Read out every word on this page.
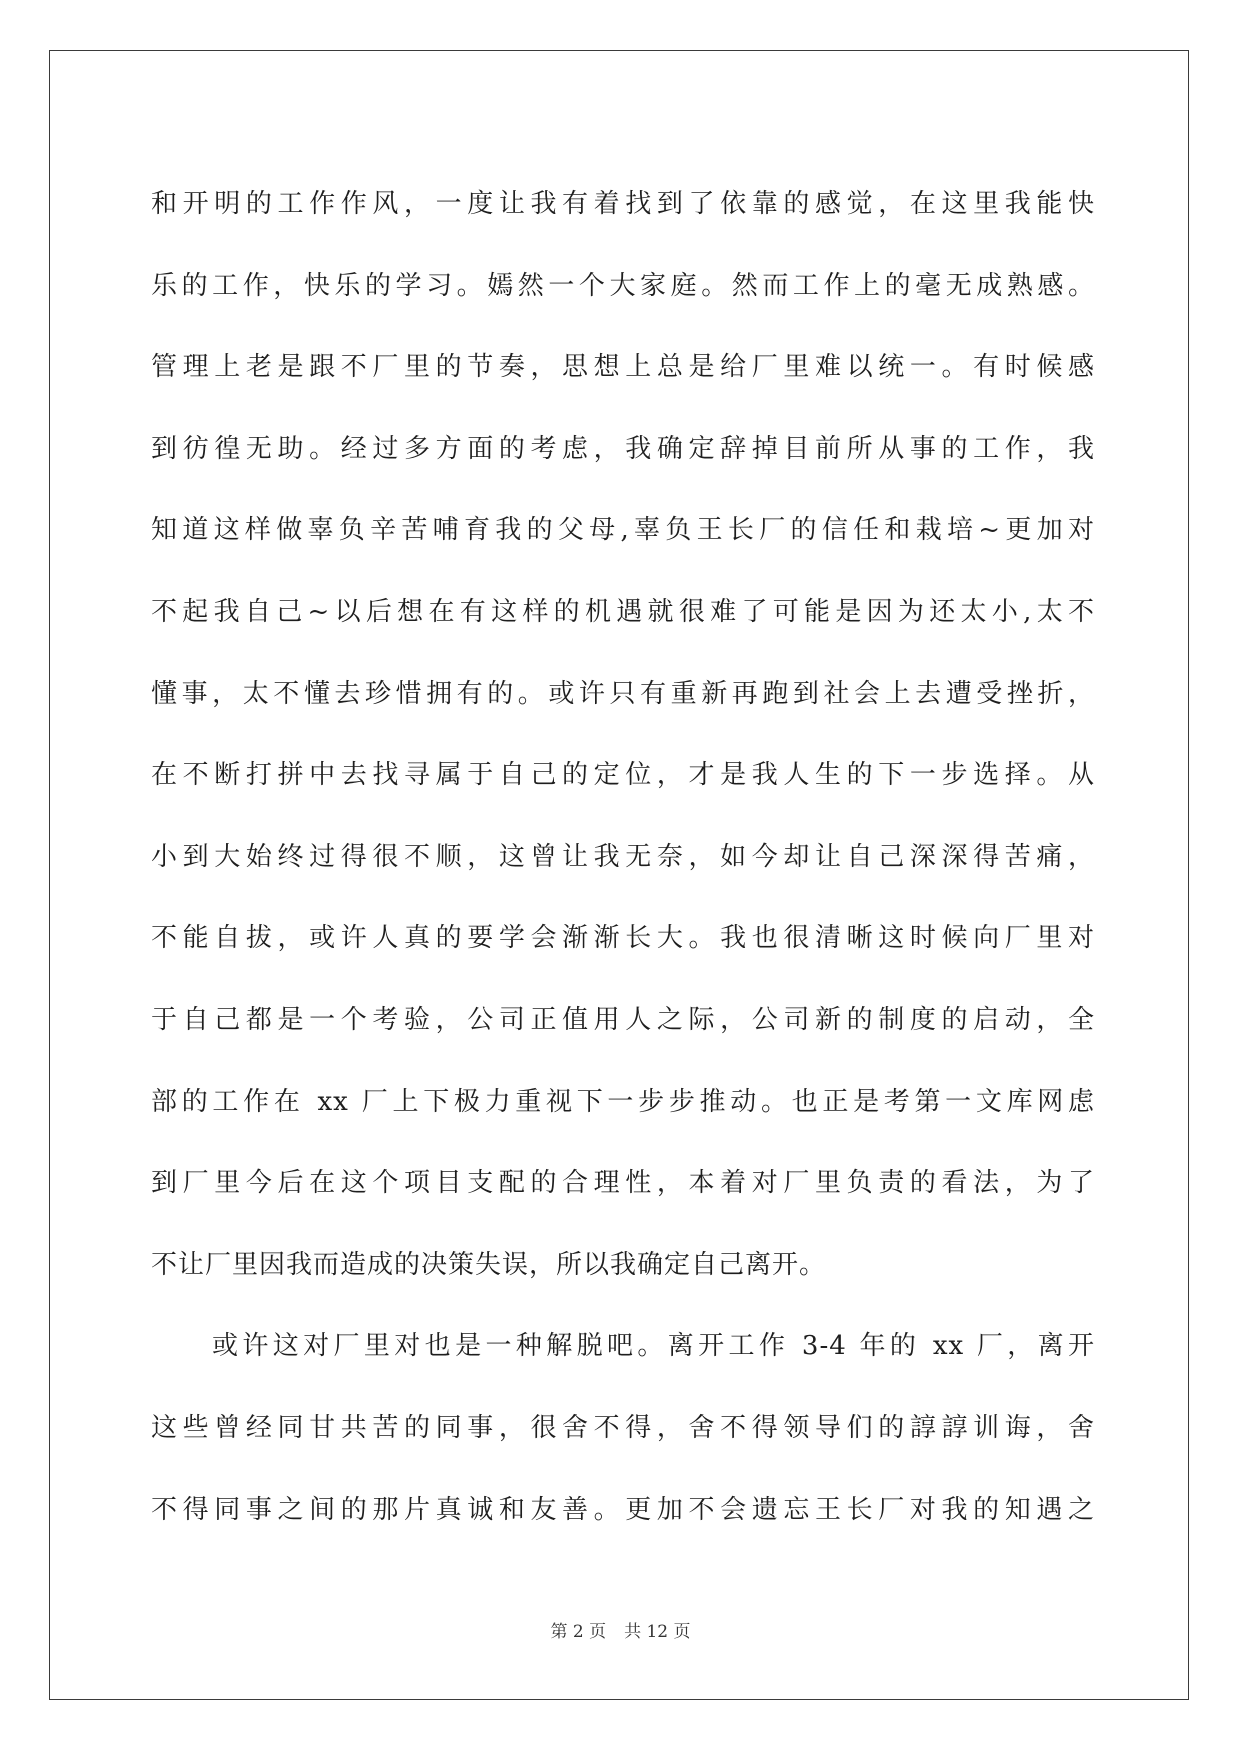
和开明的工作作风，一度让我有着找到了依靠的感觉，在这里我能快
乐的工作，快乐的学习。嫣然一个大家庭。然而工作上的毫无成熟感。
管理上老是跟不厂里的节奏，思想上总是给厂里难以统一。有时候感
到彷徨无助。经过多方面的考虑，我确定辞掉目前所从事的工作，我
知道这样做辜负辛苦哺育我的父母,辜负王长厂的信任和栽培~更加对
不起我自己~以后想在有这样的机遇就很难了可能是因为还太小,太不
懂事，太不懂去珍惜拥有的。或许只有重新再跑到社会上去遭受挫折，
在不断打拼中去找寻属于自己的定位，才是我人生的下一步选择。从
小到大始终过得很不顺，这曾让我无奈，如今却让自己深深得苦痛，
不能自拔，或许人真的要学会渐渐长大。我也很清晰这时候向厂里对
于自己都是一个考验，公司正值用人之际，公司新的制度的启动，全
部的工作在 xx 厂上下极力重视下一步步推动。也正是考第一文库网虑
到厂里今后在这个项目支配的合理性，本着对厂里负责的看法，为了
不让厂里因我而造成的决策失误，所以我确定自己离开。
或许这对厂里对也是一种解脱吧。离开工作 3-4 年的 xx 厂，离开
这些曾经同甘共苦的同事，很舍不得，舍不得领导们的諄諄训诲，舍
不得同事之间的那片真诚和友善。更加不会遗忘王长厂对我的知遇之
第 2 页 共 12 页
